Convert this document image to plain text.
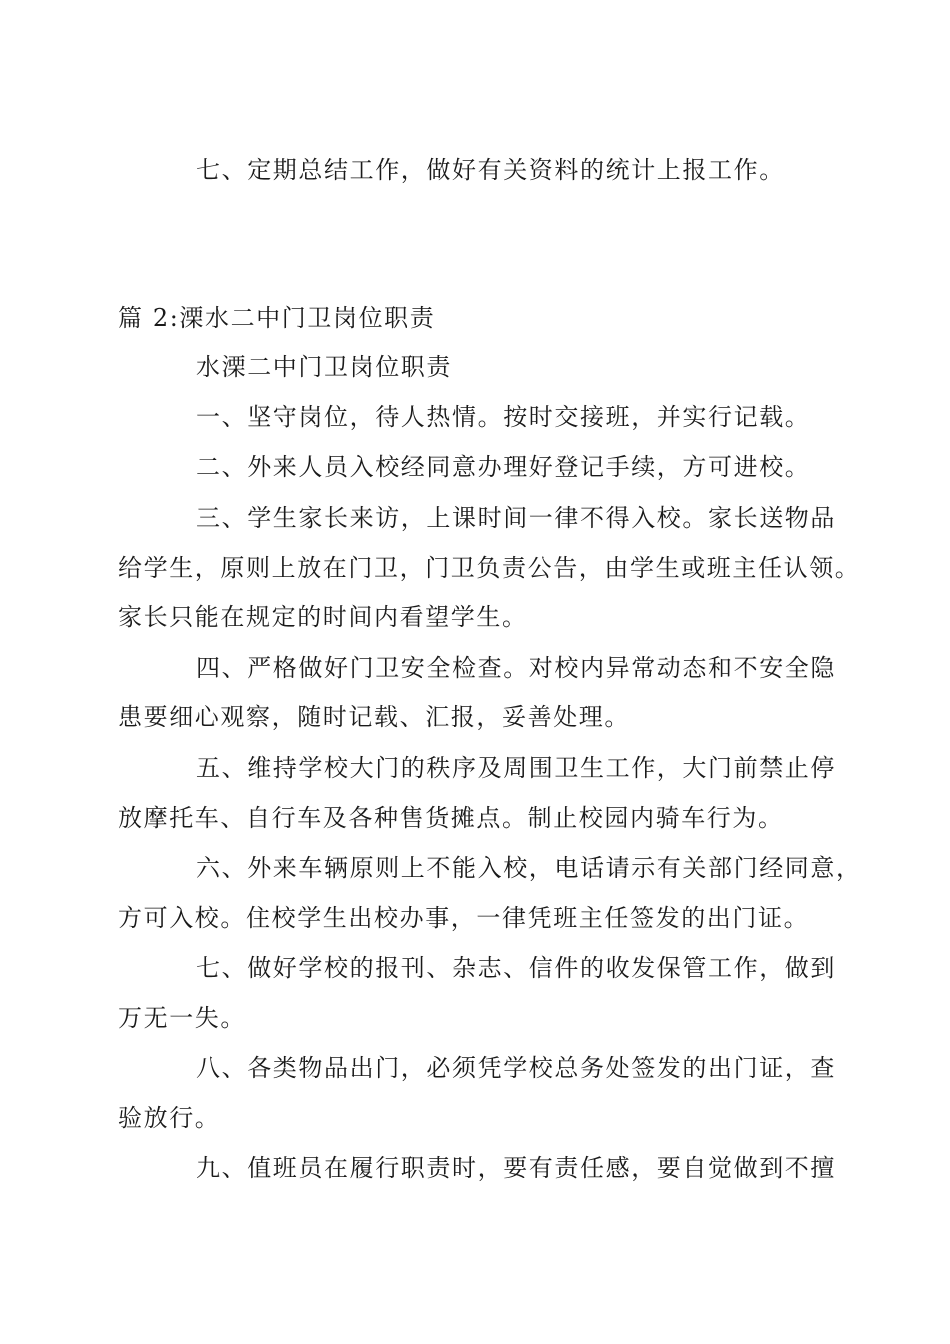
七、定期总结工作，做好有关资料的统计上报工作。
篇 2:溧水二中门卫岗位职责
水溧二中门卫岗位职责
一、坚守岗位，待人热情。按时交接班，并实行记载。
二、外来人员入校经同意办理好登记手续，方可进校。
三、学生家长来访，上课时间一律不得入校。家长送物品
给学生，原则上放在门卫，门卫负责公告，由学生或班主任认领。
家长只能在规定的时间内看望学生。
四、严格做好门卫安全检查。对校内异常动态和不安全隐
患要细心观察，随时记载、汇报，妥善处理。
五、维持学校大门的秩序及周围卫生工作，大门前禁止停
放摩托车、自行车及各种售货摊点。制止校园内骑车行为。
六、外来车辆原则上不能入校，电话请示有关部门经同意，
方可入校。住校学生出校办事，一律凭班主任签发的出门证。
七、做好学校的报刊、杂志、信件的收发保管工作，做到
万无一失。
八、各类物品出门，必须凭学校总务处签发的出门证，查
验放行。
九、值班员在履行职责时，要有责任感，要自觉做到不擅
